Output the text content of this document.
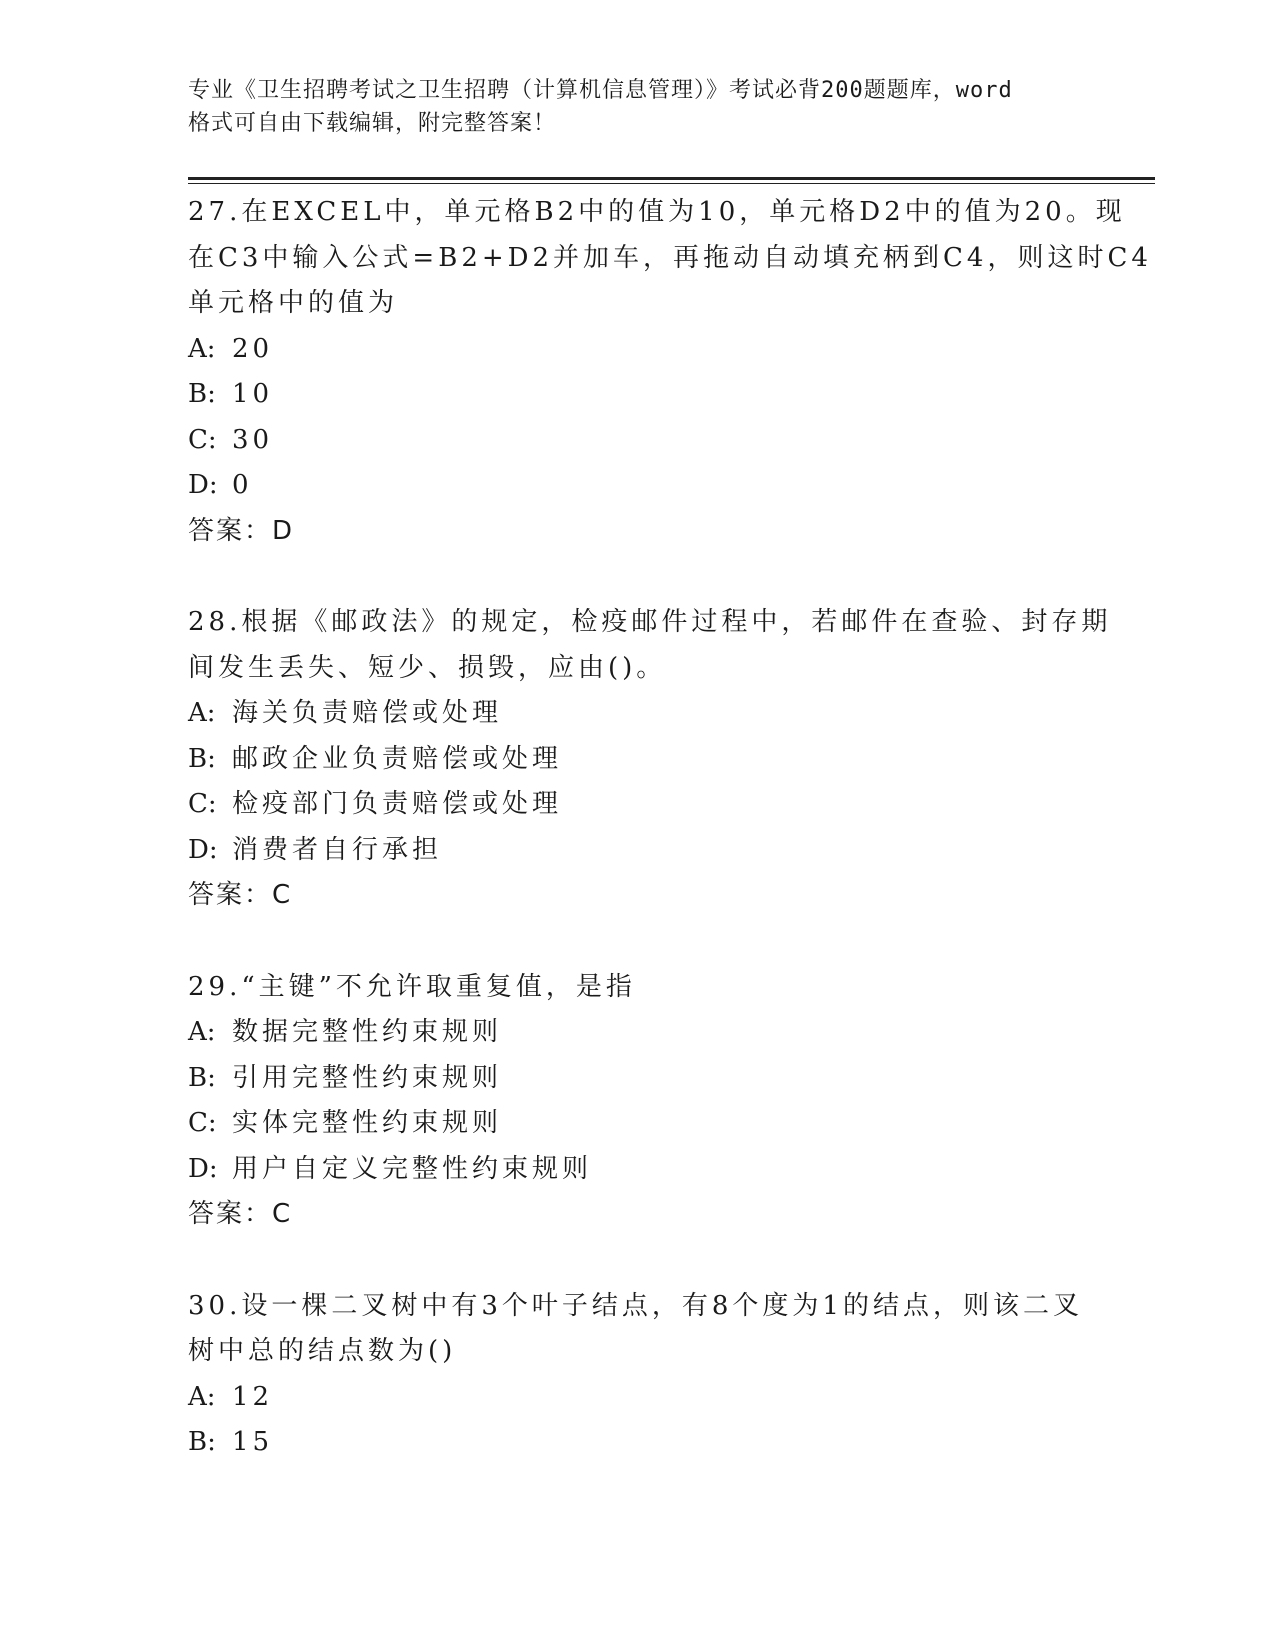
专业《卫生招聘考试之卫生招聘（计算机信息管理）》考试必背200题题库，word
格式可自由下载编辑，附完整答案！
27.在EXCEL中，单元格B2中的值为10，单元格D2中的值为20。现
在C3中输入公式=B2+D2并加车，再拖动自动填充柄到C4，则这时C4
单元格中的值为
A: 20
B: 10
C: 30
D: 0
答案：D
28.根据《邮政法》的规定，检疫邮件过程中，若邮件在查验、封存期
间发生丢失、短少、损毁，应由()。
A: 海关负责赔偿或处理
B: 邮政企业负责赔偿或处理
C: 检疫部门负责赔偿或处理
D: 消费者自行承担
答案：C
29.“主键”不允许取重复值，是指
A: 数据完整性约束规则
B: 引用完整性约束规则
C: 实体完整性约束规则
D: 用户自定义完整性约束规则
答案：C
30.设一棵二叉树中有3个叶子结点，有8个度为1的结点，则该二叉
树中总的结点数为()
A: 12
B: 15
